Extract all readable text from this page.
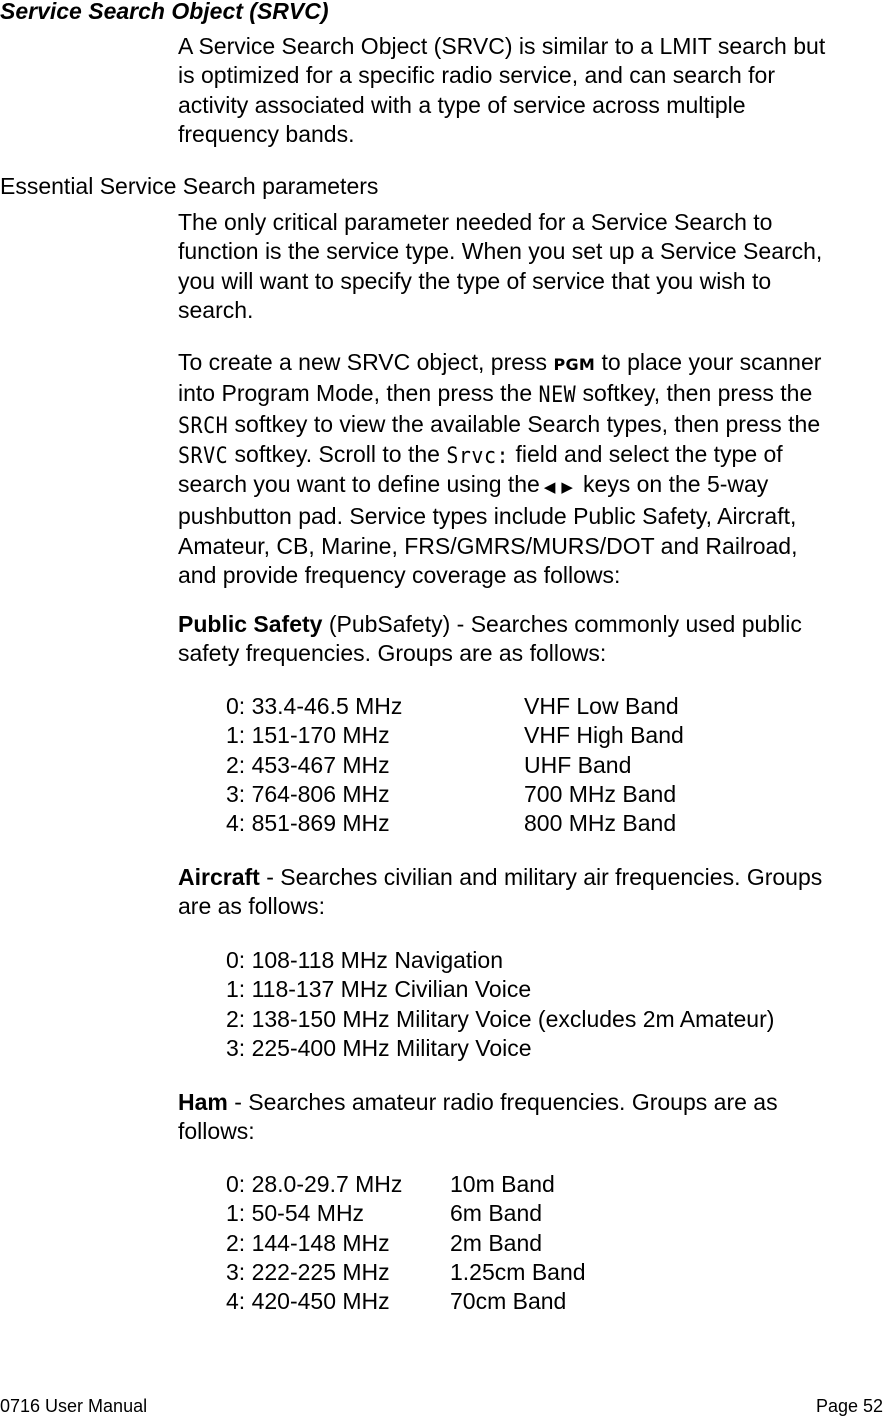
Service Search Object (SRVC)
A Service Search Object (SRVC) is similar to a LMIT search but
is optimized for a specific radio service, and can search for
activity associated with a type of service across multiple
frequency bands.
Essential Service Search parameters
The only critical parameter needed for a Service Search to
function is the service type. When you set up a Service Search,
you will want to specify the type of service that you wish to
search.
To create a new SRVC object, press PGM to place your scanner
into Program Mode, then press the NEW softkey, then press the
SRCH softkey to view the available Search types, then press the
SRVC softkey. Scroll to the Srvc: field and select the type of
search you want to define using the ◀▶ keys on the 5-way
pushbutton pad. Service types include Public Safety, Aircraft,
Amateur, CB, Marine, FRS/GMRS/MURS/DOT and Railroad,
and provide frequency coverage as follows:
Public Safety (PubSafety) - Searches commonly used public
safety frequencies. Groups are as follows:
0: 33.4-46.5 MHz	VHF Low Band
1: 151-170 MHz	VHF High Band
2: 453-467 MHz	UHF Band
3: 764-806 MHz	700 MHz Band
4: 851-869 MHz	800 MHz Band
Aircraft - Searches civilian and military air frequencies. Groups
are as follows:
0: 108-118 MHz Navigation
1: 118-137 MHz Civilian Voice
2: 138-150 MHz Military Voice (excludes 2m Amateur)
3: 225-400 MHz Military Voice
Ham - Searches amateur radio frequencies. Groups are as
follows:
0: 28.0-29.7 MHz 10m Band
1: 50-54 MHz	6m Band
2: 144-148 MHz	2m Band
3: 222-225 MHz	1.25cm Band
4: 420-450 MHz	70cm Band
0716 User Manual	Page 52
